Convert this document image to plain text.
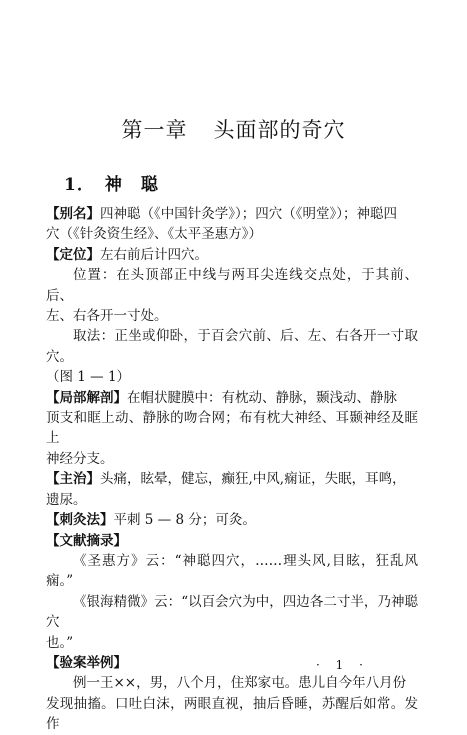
第一章 头面部的奇穴
1． 神　聪

【别名】四神聪（《中国针灸学》）；四穴（《明堂》）；神聪四

穴（《针灸资生经》、《太平圣惠方》）

【定位】左右前后计四穴。

位置：在头顶部正中线与两耳尖连线交点处，于其前、后、

左、右各开一寸处。

取法：正坐或仰卧，于百会穴前、后、左、右各开一寸取穴。

（图 1 — 1）

【局部解剖】在帽状腱膜中：有枕动、静脉，颞浅动、静脉

顶支和眶上动、静脉的吻合网；布有枕大神经、耳颞神经及眶上

神经分支。

【主治】头痛，眩晕，健忘，癫狂,中风,痫证，失眠，耳鸣，

遗尿。

【刺灸法】平刺 5 — 8 分；可灸。

【文献摘录】

《圣惠方》云：“神聪四穴，……理头风,目眩，狂乱风痫。”

《银海精微》云：“以百会穴为中，四边各二寸半，乃神聪穴

也。”

【验案举例】

例一王××，男，八个月，住郑家屯。患儿自今年八月份

发现抽搐。口吐白沫，两眼直视，抽后昏睡，苏醒后如常。发作

· 1 ·
